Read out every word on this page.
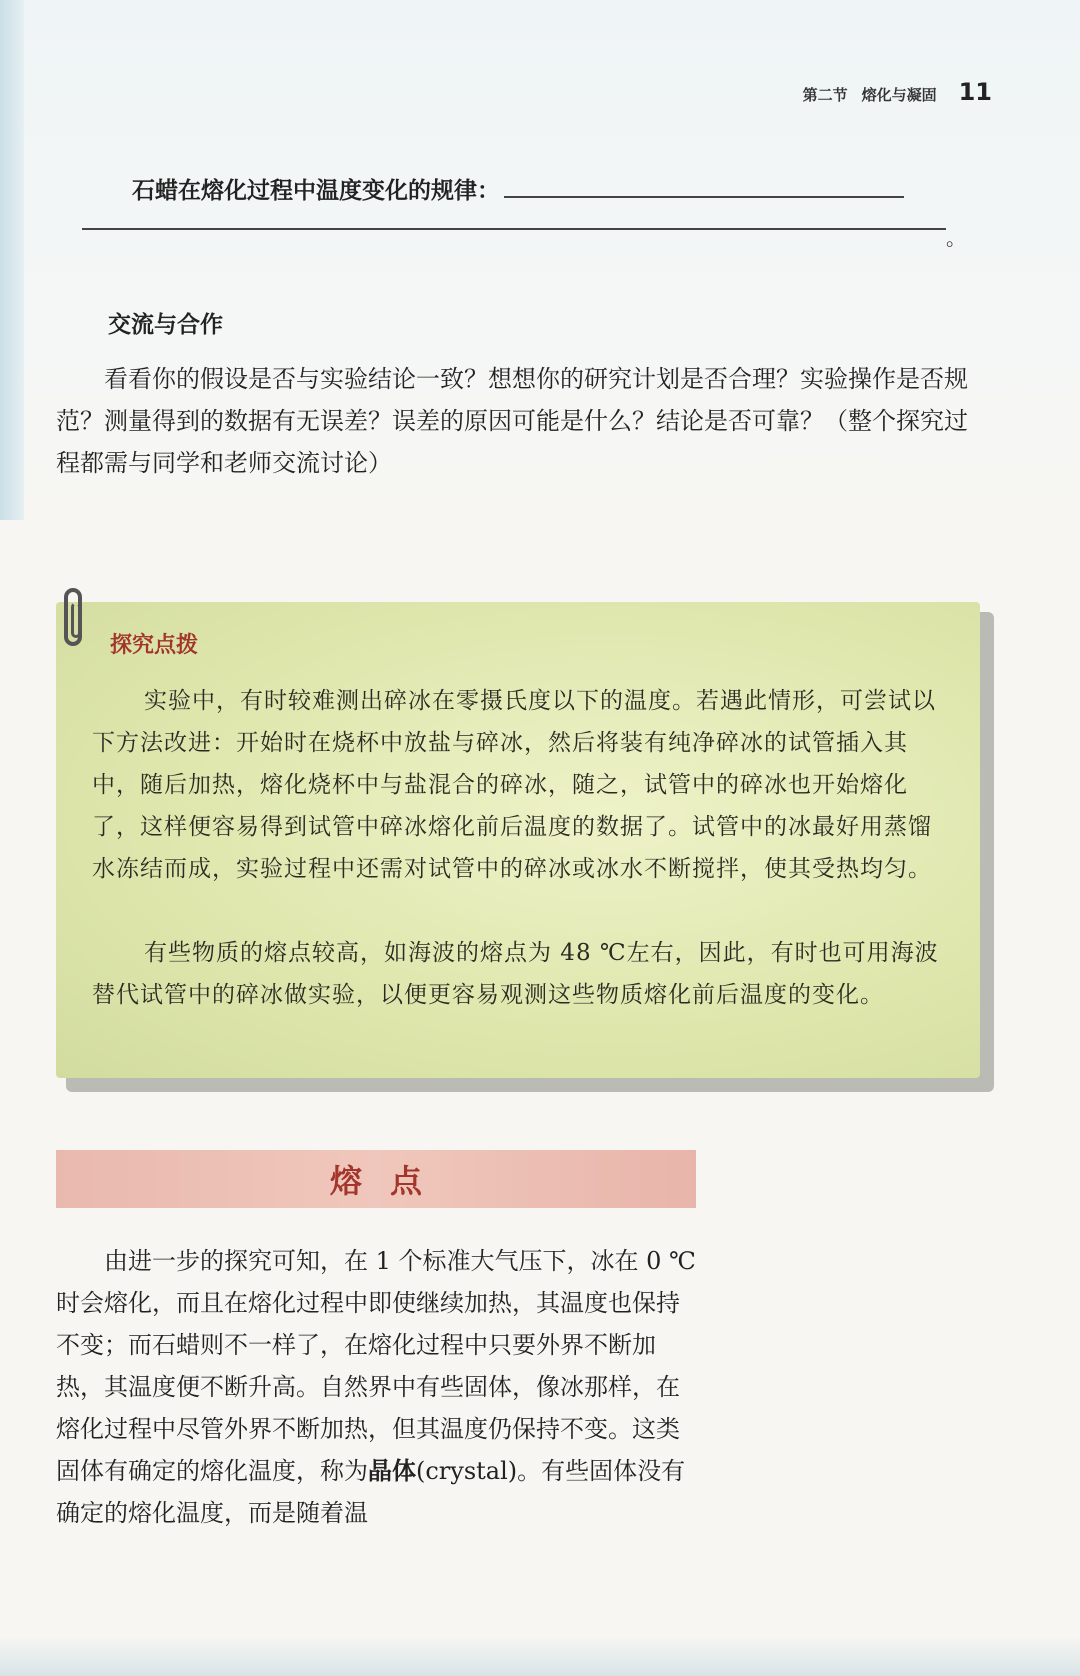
第二节 熔化与凝固 11
石蜡在熔化过程中温度变化的规律：
。
交流与合作

看看你的假设是否与实验结论一致？想想你的研究计划是否合理？实验操作是否规范？测量得到的数据有无误差？误差的原因可能是什么？结论是否可靠？（整个探究过程都需与同学和老师交流讨论）

探究点拨

实验中，有时较难测出碎冰在零摄氏度以下的温度。若遇此情形，可尝试以下方法改进：开始时在烧杯中放盐与碎冰，然后将装有纯净碎冰的试管插入其中，随后加热，熔化烧杯中与盐混合的碎冰，随之，试管中的碎冰也开始熔化了，这样便容易得到试管中碎冰熔化前后温度的数据了。试管中的冰最好用蒸馏水冻结而成，实验过程中还需对试管中的碎冰或冰水不断搅拌，使其受热均匀。

有些物质的熔点较高，如海波的熔点为 48 ℃左右，因此，有时也可用海波替代试管中的碎冰做实验，以便更容易观测这些物质熔化前后温度的变化。

熔点

由进一步的探究可知，在 1 个标准大气压下，冰在 0 ℃时会熔化，而且在熔化过程中即使继续加热，其温度也保持不变；而石蜡则不一样了，在熔化过程中只要外界不断加热，其温度便不断升高。自然界中有些固体，像冰那样，在熔化过程中尽管外界不断加热，但其温度仍保持不变。这类固体有确定的熔化温度，称为晶体(crystal)。有些固体没有确定的熔化温度，而是随着温
